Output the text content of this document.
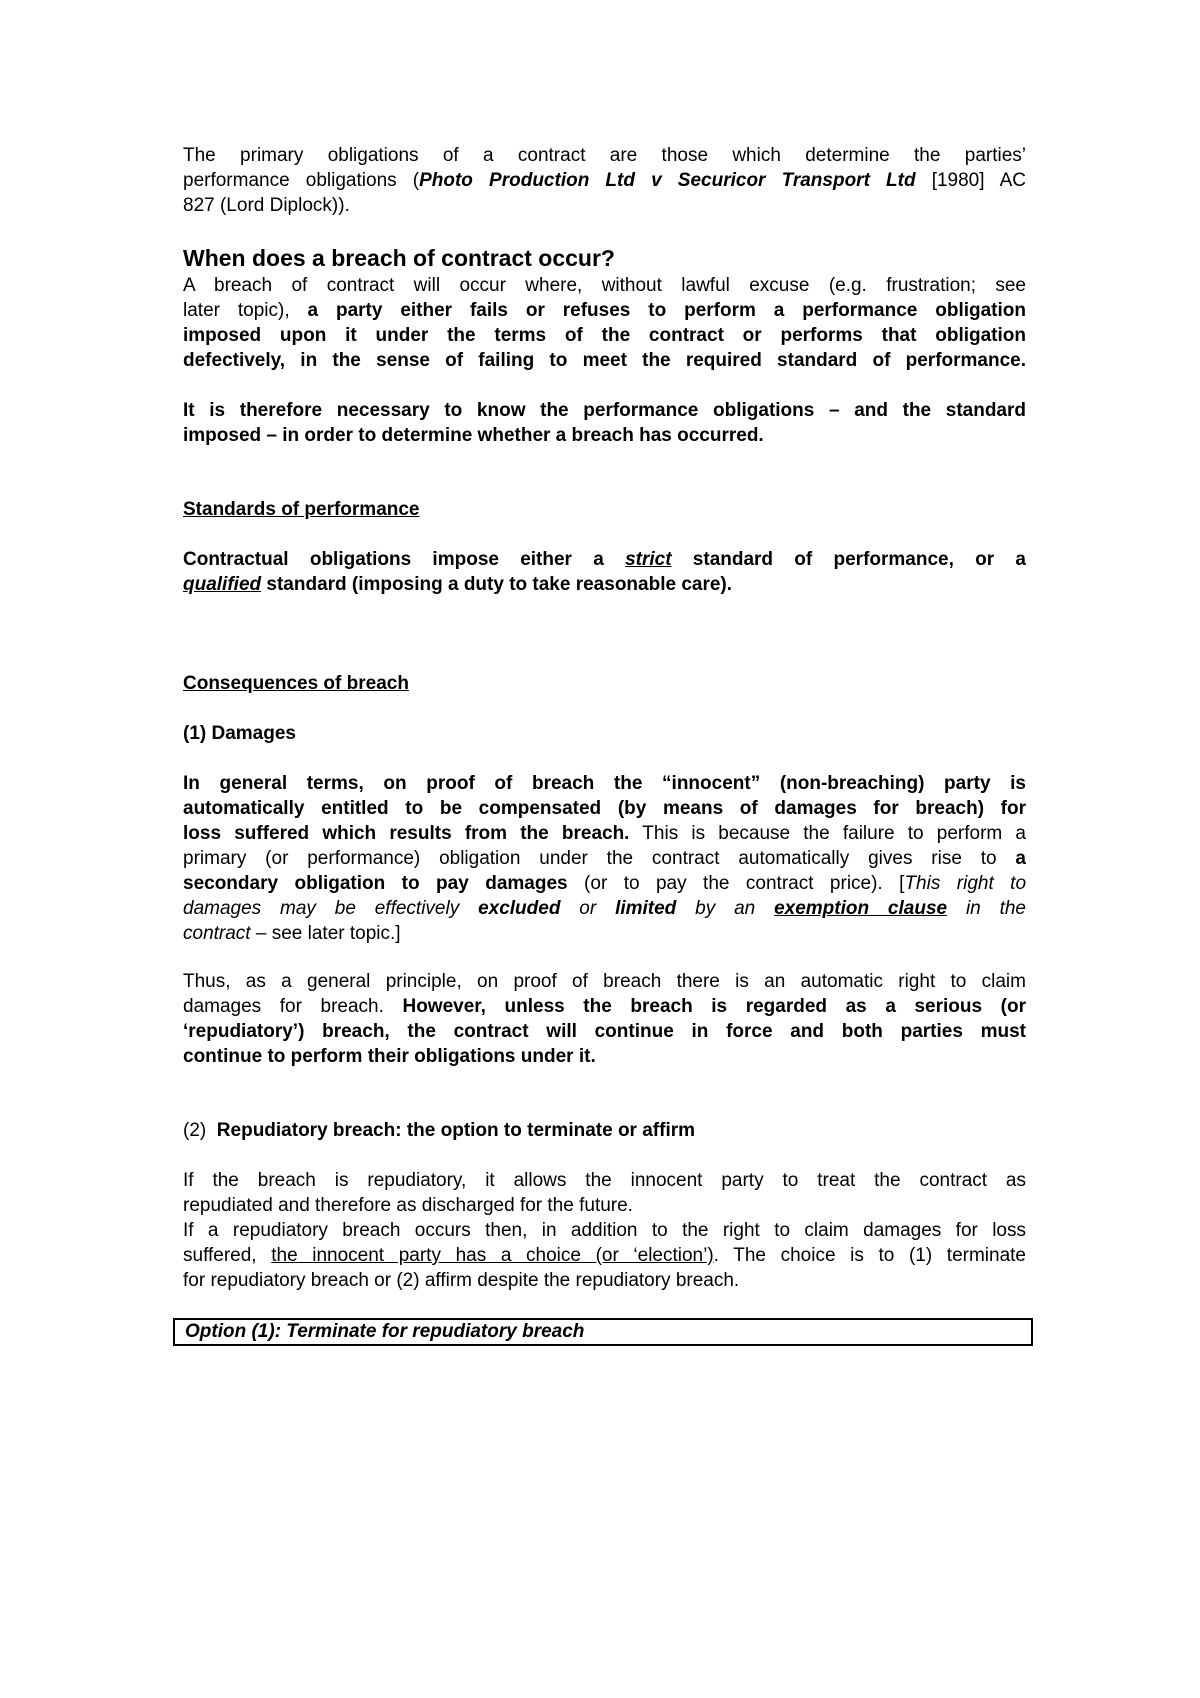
The primary obligations of a contract are those which determine the parties’
performance obligations (Photo Production Ltd v Securicor Transport Ltd [1980] AC
827 (Lord Diplock)).
When does a breach of contract occur?
A breach of contract will occur where, without lawful excuse (e.g. frustration; see
later topic), a party either fails or refuses to perform a performance obligation
imposed upon it under the terms of the contract or performs that obligation
defectively, in the sense of failing to meet the required standard of performance.
It is therefore necessary to know the performance obligations – and the standard
imposed – in order to determine whether a breach has occurred.
Standards of performance
Contractual obligations impose either a strict standard of performance, or a
qualified standard (imposing a duty to take reasonable care).
Consequences of breach
(1) Damages
In general terms, on proof of breach the “innocent” (non-breaching) party is
automatically entitled to be compensated (by means of damages for breach) for
loss suffered which results from the breach. This is because the failure to perform a
primary (or performance) obligation under the contract automatically gives rise to a
secondary obligation to pay damages (or to pay the contract price). [This right to
damages may be effectively excluded or limited by an exemption clause in the
contract – see later topic.]
Thus, as a general principle, on proof of breach there is an automatic right to claim
damages for breach. However, unless the breach is regarded as a serious (or
‘repudiatory’) breach, the contract will continue in force and both parties must
continue to perform their obligations under it.
(2) Repudiatory breach: the option to terminate or affirm
If the breach is repudiatory, it allows the innocent party to treat the contract as
repudiated and therefore as discharged for the future.
If a repudiatory breach occurs then, in addition to the right to claim damages for loss
suffered, the innocent party has a choice (or ‘election’). The choice is to (1) terminate
for repudiatory breach or (2) affirm despite the repudiatory breach.
Option (1): Terminate for repudiatory breach
